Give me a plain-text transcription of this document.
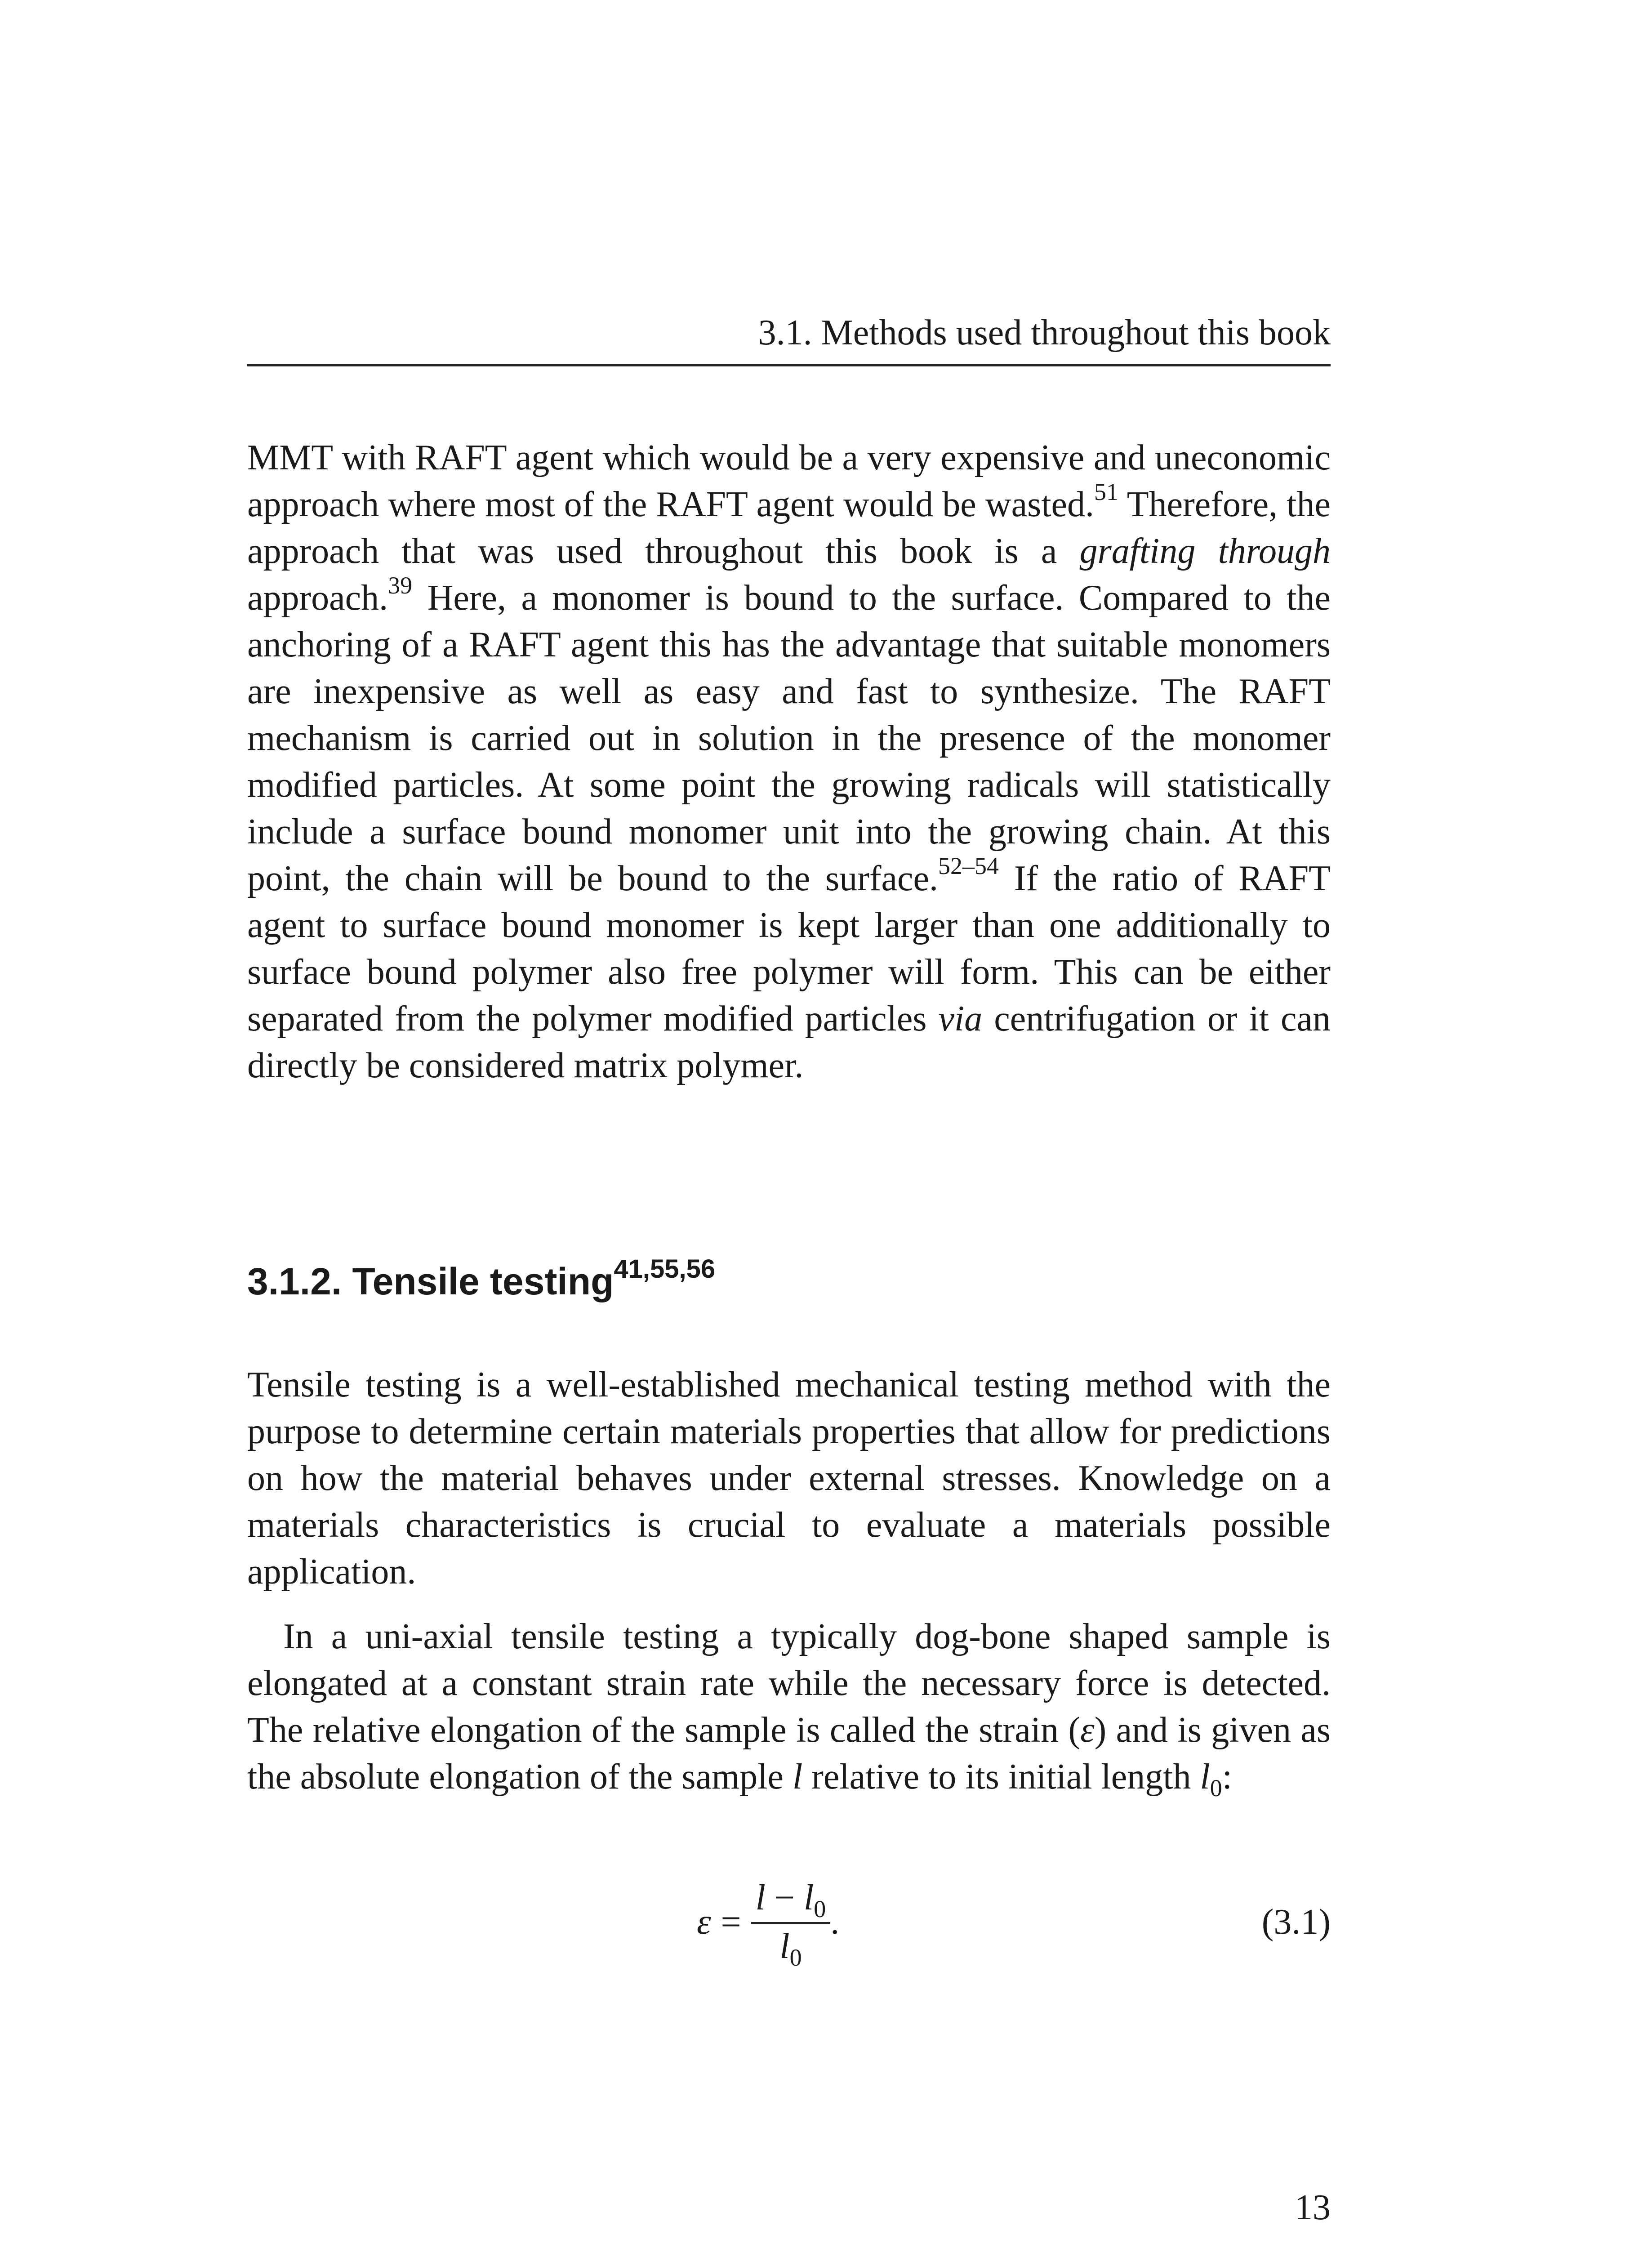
3.1. Methods used throughout this book

MMT with RAFT agent which would be a very expensive and uneconomic approach where most of the RAFT agent would be wasted.$^{51}$ Therefore, the approach that was used throughout this book is a grafting through approach.$^{39}$ Here, a monomer is bound to the surface. Compared to the anchoring of a RAFT agent this has the advantage that suitable monomers are inexpensive as well as easy and fast to synthesize. The RAFT mechanism is carried out in solution in the presence of the monomer modified particles. At some point the growing radicals will statistically include a surface bound monomer unit into the growing chain. At this point, the chain will be bound to the surface.$^{52-54}$ If the ratio of RAFT agent to surface bound monomer is kept larger than one additionally to surface bound polymer also free polymer will form. This can be either separated from the polymer modified particles via centrifugation or it can directly be considered matrix polymer.

3.1.2. Tensile testing$^{41,55,56}$

Tensile testing is a well-established mechanical testing method with the purpose to determine certain materials properties that allow for predictions on how the material behaves under external stresses. Knowledge on a materials characteristics is crucial to evaluate a materials possible application.

In a uni-axial tensile testing a typically dog-bone shaped sample is elongated at a constant strain rate while the necessary force is detected. The relative elongation of the sample is called the strain (ε) and is given as the absolute elongation of the sample l relative to its initial length $l_0$:

$\varepsilon = \frac{l - l_0}{l_0}$ .	(3.1)
13
